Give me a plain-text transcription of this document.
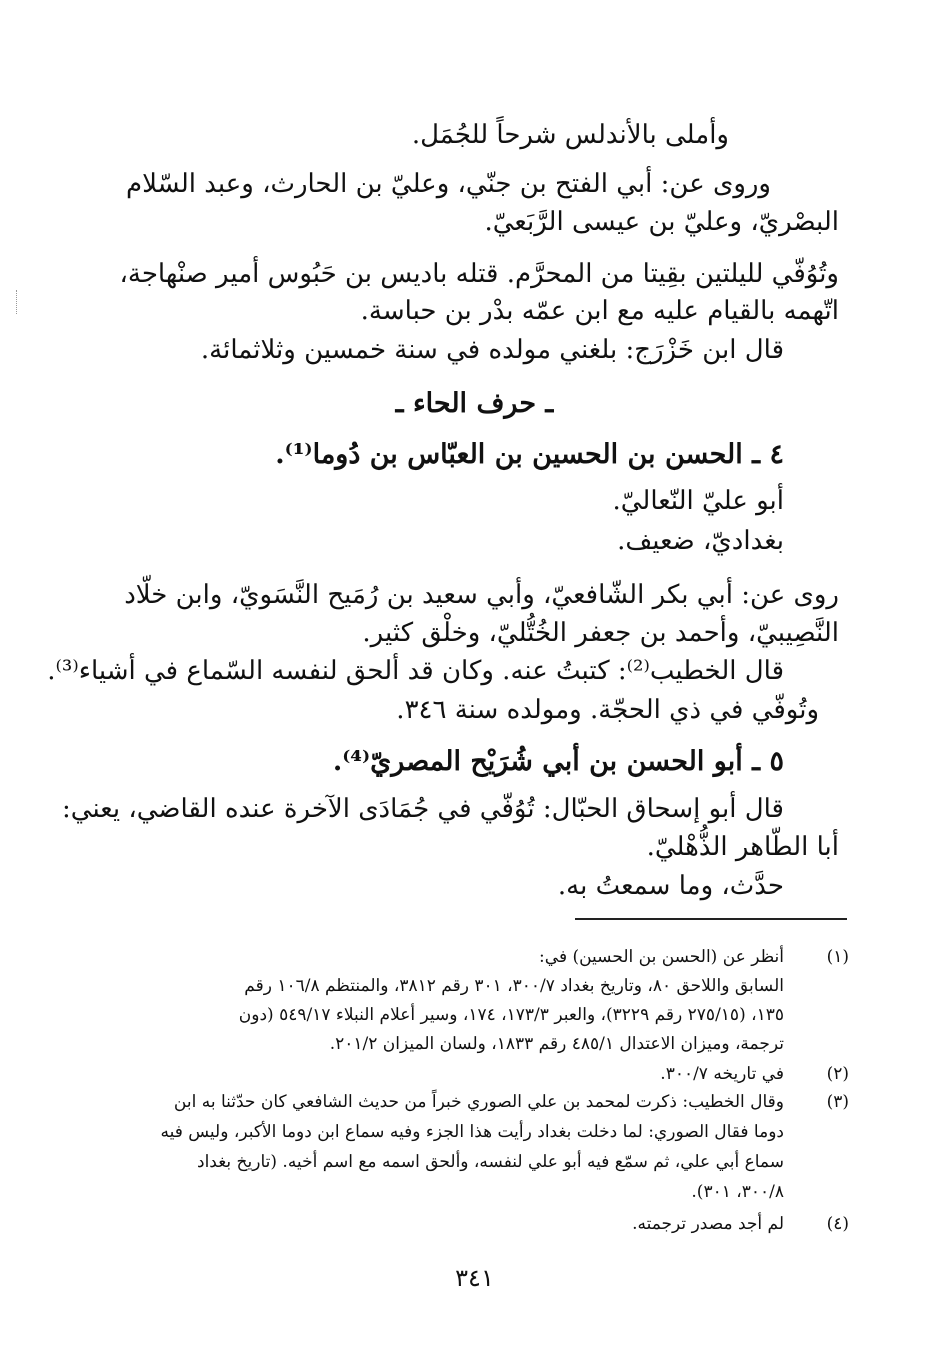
وأملى بالأندلس شرحاً للجُمَل.
وروى عن: أبي الفتح بن جنّي، وعليّ بن الحارث، وعبد السّلام
البصْريّ، وعليّ بن عيسى الرَّبَعيّ.
وتُوُفّي لليلتين بقِيتا من المحرَّم. قتله باديس بن حَبُوس أمير صنْهاجة،
اتّهمه بالقيام عليه مع ابن عمّه بدْر بن حباسة.
قال ابن خَزْرَج: بلغني مولده في سنة خمسين وثلاثمائة.
ـ حرف الحاء ـ
٤ ـ الحسن بن الحسين بن العبّاس بن دُوما⁽¹⁾.
أبو عليّ النّعاليّ.
بغداديّ، ضعيف.
روى عن: أبي بكر الشّافعيّ، وأبي سعيد بن رُمَيح النَّسَويّ، وابن خلّاد
النَّصِيبيّ، وأحمد بن جعفر الخُتُّليّ، وخلْق كثير.
قال الخطيب⁽²⁾: كتبتُ عنه. وكان قد ألحق لنفسه السّماع في أشياء⁽³⁾.
وتُوفّي في ذي الحجّة. ومولده سنة ٣٤٦.
٥ ـ أبو الحسن بن أبي شُرَيْح المصريّ⁽⁴⁾.
قال أبو إسحاق الحبّال: تُوُفّي في جُمَادَى الآخرة عنده القاضي، يعني:
أبا الطّاهر الذُّهْليّ.
حدَّث، وما سمعتُ به.
(١)
(٢)
(٣)
(٤)
أنظر عن (الحسن بن الحسين) في:
السابق واللاحق ٨٠، وتاريخ بغداد ٣٠٠/٧، ٣٠١ رقم ٣٨١٢، والمنتظم ١٠٦/٨ رقم
١٣٥، (٢٧٥/١٥ رقم ٣٢٢٩)، والعبر ١٧٣/٣، ١٧٤، وسير أعلام النبلاء ٥٤٩/١٧ (دون
ترجمة، وميزان الاعتدال ٤٨٥/١ رقم ١٨٣٣، ولسان الميزان ٢٠١/٢.
في تاريخه ٣٠٠/٧.
وقال الخطيب: ذكرت لمحمد بن علي الصوري خبراً من حديث الشافعي كان حدّثنا به ابن
دوما فقال الصوري: لما دخلت بغداد رأيت هذا الجزء وفيه سماع ابن دوما الأكبر، وليس فيه
سماع أبي علي، ثم سمّع فيه أبو علي لنفسه، وألحق اسمه مع اسم أخيه. (تاريخ بغداد
٣٠٠/٨، ٣٠١).
لم أجد مصدر ترجمته.
٣٤١
